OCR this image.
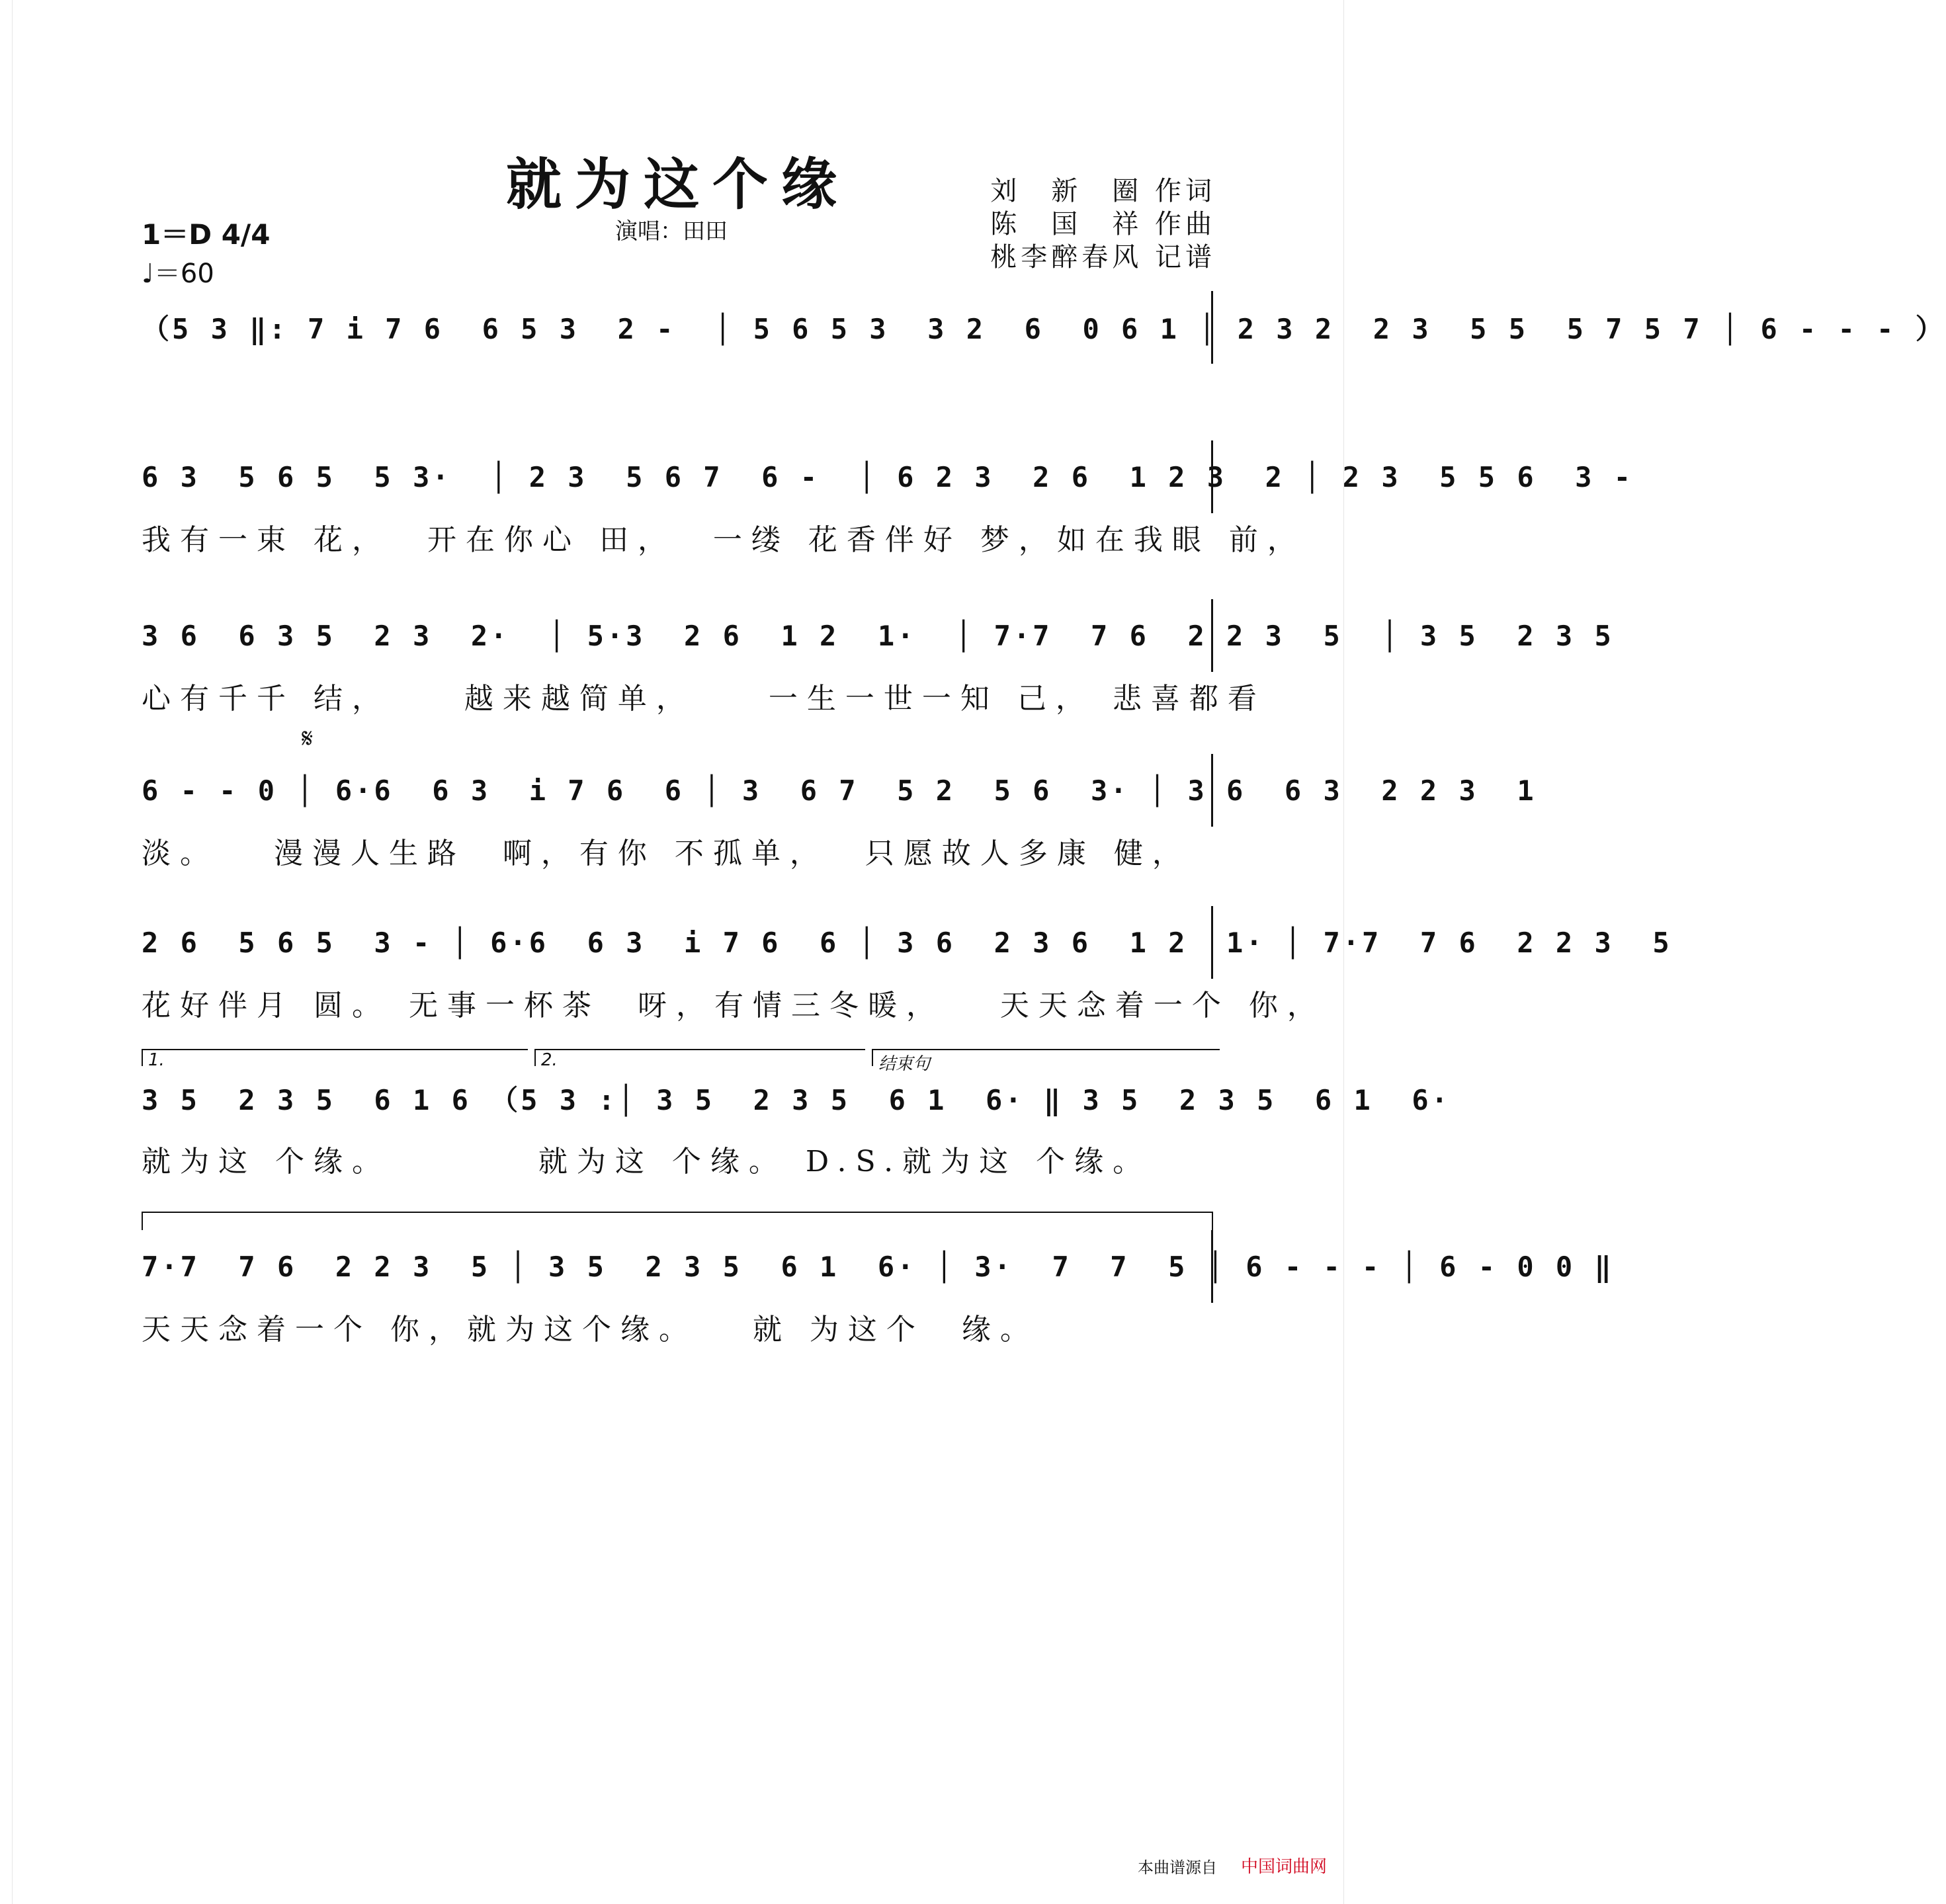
就为这个缘
演唱：田田
刘　新　圈 作词
陈　国　祥 作曲
桃李醉春风 记谱
1＝D 4/4
♩＝60
（5 3 ‖: 7 i 7 6  6 5 3  2 -  │ 5 6 5 3  3 2  6  0 6 1 │ 2 3 2  2 3  5 5  5 7 5 7 │ 6 - - - ）
6 3  5 6 5  5 3·  │ 2 3  5 6 7  6 -  │ 6 2 3  2 6  1 2 3  2 │ 2 3  5 5 6  3 -
我有一束 花，  开在你心 田，  一缕 花香伴好 梦，如在我眼 前，
3 6  6 3 5  2 3  2·  │ 5·3  2 6  1 2  1·  │ 7·7  7 6  2 2 3  5  │ 3 5  2 3 5
心有千千 结，    越来越简单，    一生一世一知 己， 悲喜都看
𝄋
6 - - 0 │ 6·6  6 3  i 7 6  6 │ 3  6 7  5 2  5 6  3· │ 3 6  6 3  2 2 3  1
淡。   漫漫人生路  啊，有你 不孤单，  只愿故人多康 健，
2 6  5 6 5  3 - │ 6·6  6 3  i 7 6  6 │ 3 6  2 3 6  1 2  1· │ 7·7  7 6  2 2 3  5
花好伴月 圆。 无事一杯茶  呀，有情三冬暖，   天天念着一个 你，
1.	2.	结束句
3 5  2 3 5  6 1 6 （5 3 :│ 3 5  2 3 5  6 1  6· ‖ 3 5  2 3 5  6 1  6·
就为这 个缘。        就为这 个缘。 D.S.就为这 个缘。
7·7  7 6  2 2 3  5 │ 3 5  2 3 5  6 1  6· │ 3·  7  7  5 │ 6 - - - │ 6 - 0 0 ‖
天天念着一个 你，就为这个缘。   就 为这个  缘。
本曲谱源自 中国词曲网
